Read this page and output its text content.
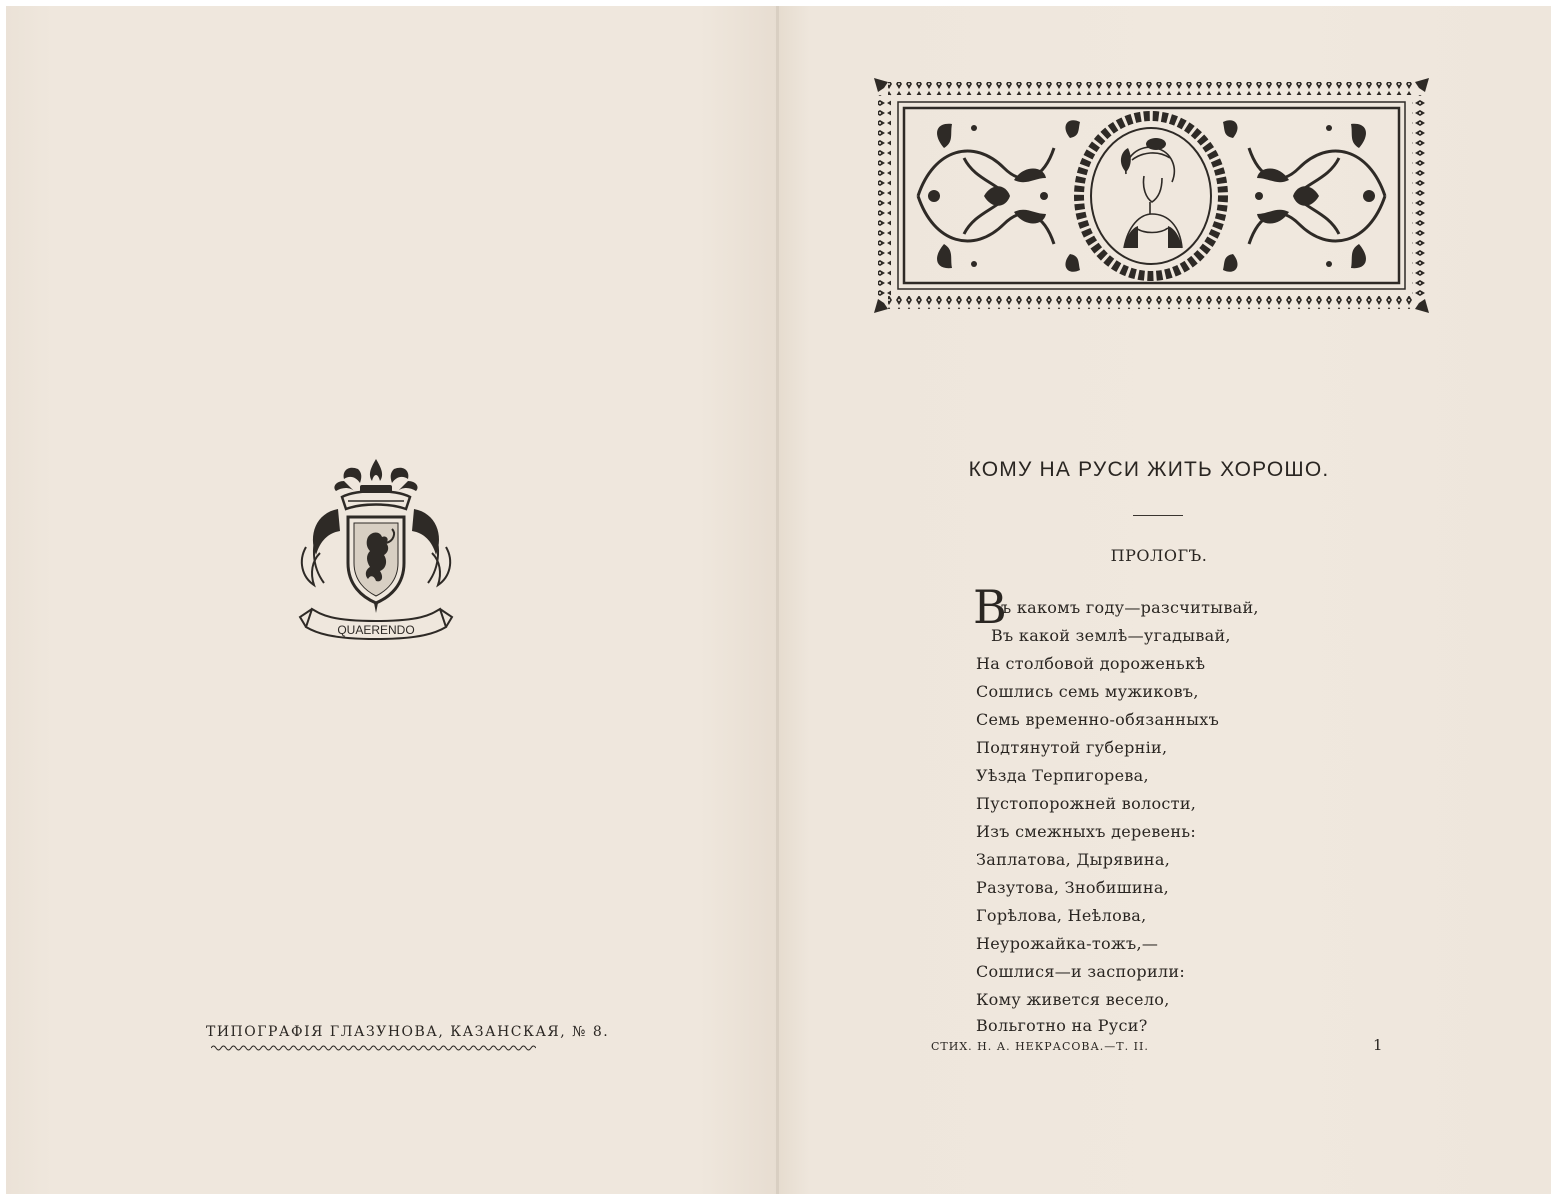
QUAERENDO
ТИПОГРАФІЯ ГЛАЗУНОВА, КАЗАНСКАЯ, № 8.
КОМУ НА РУСИ ЖИТЬ ХОРОШО.
ПРОЛОГЪ.
В
ъ какомъ году—разсчитывай,
Въ какой землѣ—угадывай,
На столбовой дороженькѣ
Сошлись семь мужиковъ,
Семь временно-обязанныхъ
Подтянутой губерніи,
Уѣзда Терпигорева,
Пустопорожней волости,
Изъ смежныхъ деревень:
Заплатова, Дырявина,
Разутова, Знобишина,
Горѣлова, Неѣлова,
Неурожайка-тожъ,—
Сошлися—и заспорили:
Кому живется весело,
Вольготно на Руси?
СТИХ. Н. А. НЕКРАСОВА.—Т. II.	1
